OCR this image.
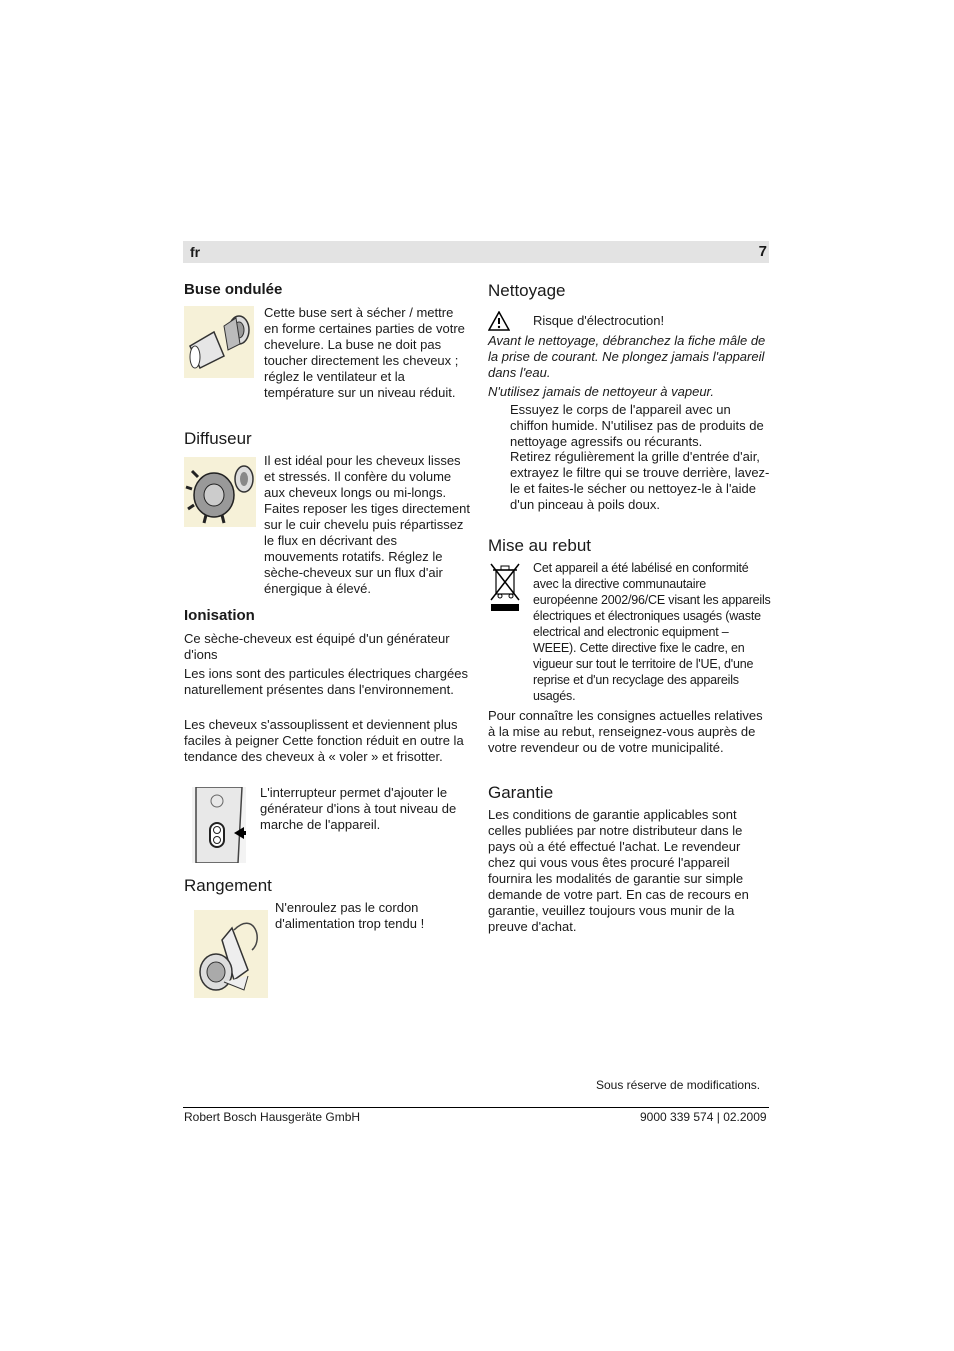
fr	7
Buse ondulée
Cette buse sert à sécher / mettre en forme certaines parties de votre chevelure. La buse ne doit pas toucher directement les cheveux ; réglez le ventilateur et la température sur un niveau réduit.
Diffuseur
Il est idéal pour les cheveux lisses et stressés. Il confère du volume aux cheveux longs ou mi-longs. Faites reposer les tiges directement sur le cuir chevelu puis répartissez le flux en décrivant des mouvements rotatifs. Réglez le sèche-cheveux sur un flux d'air énergique à élevé.
Ionisation
Ce sèche-cheveux est équipé d'un générateur d'ions
Les ions sont des particules électriques chargées naturellement présentes dans l'environnement.
Les cheveux s'assouplissent et deviennent plus faciles à peigner Cette fonction réduit en outre la tendance des cheveux à « voler » et frisotter.
L'interrupteur permet d'ajouter le générateur d'ions à tout niveau de marche de l'appareil.
Rangement
N'enroulez pas le cordon d'alimentation trop tendu !
Nettoyage
Risque d'électrocution!
Avant le nettoyage, débranchez la fiche mâle de la prise de courant. Ne plongez jamais l'appareil dans l'eau.
N'utilisez jamais de nettoyeur à vapeur.
Essuyez le corps de l'appareil avec un chiffon humide. N'utilisez pas de produits de nettoyage agressifs ou récurants.
Retirez régulièrement la grille d'entrée d'air, extrayez le filtre qui se trouve derrière, lavez-le et faites-le sécher ou nettoyez-le à l'aide d'un pinceau à poils doux.
Mise au rebut
Cet appareil a été labélisé en conformité avec la directive communautaire européenne 2002/96/CE visant les appareils électriques et électroniques usagés (waste electrical and electronic equipment – WEEE). Cette directive fixe le cadre, en vigueur sur tout le territoire de l'UE, d'une reprise et d'un recyclage des appareils usagés.
Pour connaître les consignes actuelles relatives à la mise au rebut, renseignez-vous auprès de votre revendeur ou de votre municipalité.
Garantie
Les conditions de garantie applicables sont celles publiées par notre distributeur dans le pays où a été effectué l'achat. Le revendeur chez qui vous vous êtes procuré l'appareil fournira les modalités de garantie sur simple demande de votre part. En cas de recours en garantie, veuillez toujours vous munir de la preuve d'achat.
Sous réserve de modifications.
Robert Bosch Hausgeräte GmbH	9000 339 574 | 02.2009
